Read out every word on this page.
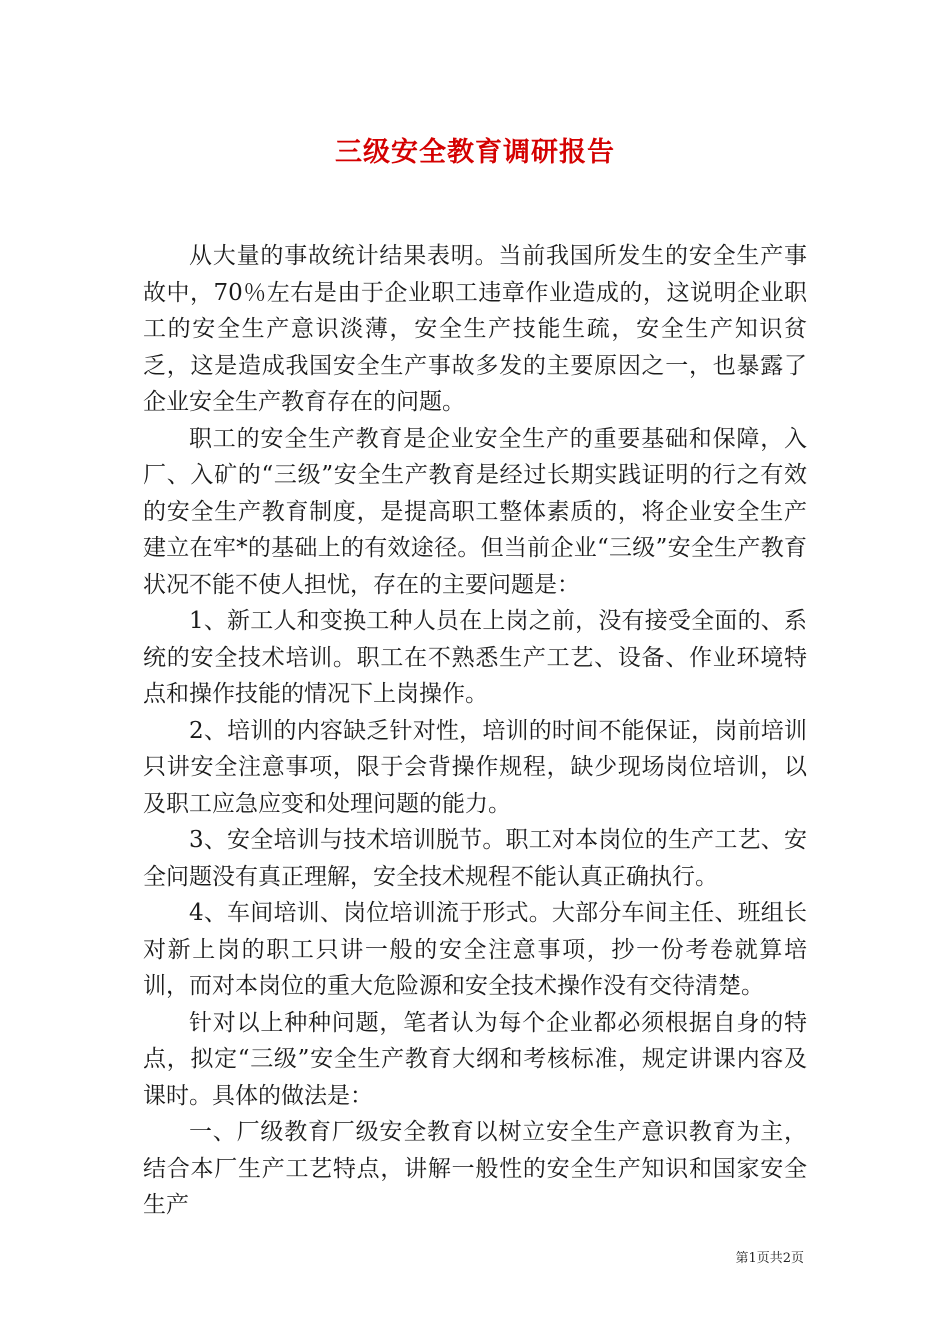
三级安全教育调研报告

从大量的事故统计结果表明。当前我国所发生的安全生产事故中，70％左右是由于企业职工违章作业造成的，这说明企业职工的安全生产意识淡薄，安全生产技能生疏，安全生产知识贫乏，这是造成我国安全生产事故多发的主要原因之一，也暴露了企业安全生产教育存在的问题。

职工的安全生产教育是企业安全生产的重要基础和保障，入厂、入矿的“三级”安全生产教育是经过长期实践证明的行之有效的安全生产教育制度，是提高职工整体素质的，将企业安全生产建立在牢*的基础上的有效途径。但当前企业“三级”安全生产教育状况不能不使人担忧，存在的主要问题是：

1、新工人和变换工种人员在上岗之前，没有接受全面的、系统的安全技术培训。职工在不熟悉生产工艺、设备、作业环境特点和操作技能的情况下上岗操作。

2、培训的内容缺乏针对性，培训的时间不能保证，岗前培训只讲安全注意事项，限于会背操作规程，缺少现场岗位培训，以及职工应急应变和处理问题的能力。

3、安全培训与技术培训脱节。职工对本岗位的生产工艺、安全问题没有真正理解，安全技术规程不能认真正确执行。

4、车间培训、岗位培训流于形式。大部分车间主任、班组长对新上岗的职工只讲一般的安全注意事项，抄一份考卷就算培训，而对本岗位的重大危险源和安全技术操作没有交待清楚。

针对以上种种问题，笔者认为每个企业都必须根据自身的特点，拟定“三级”安全生产教育大纲和考核标准，规定讲课内容及课时。具体的做法是：

一、厂级教育厂级安全教育以树立安全生产意识教育为主，结合本厂生产工艺特点，讲解一般性的安全生产知识和国家安全生产

第1页共2页
